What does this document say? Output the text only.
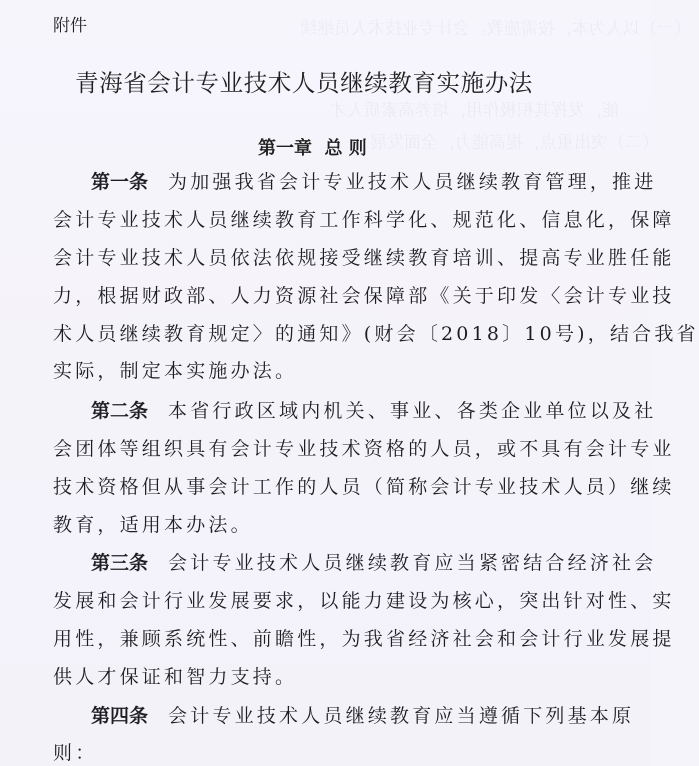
（一）以人为本，按需施教。会计专业技术人员继续
能，发挥其积极作用，培养高素质人才
（二）突出重点，提高能力，全面发展
附件
青海省会计专业技术人员继续教育实施办法
第一章  总 则
第一条 为加强我省会计专业技术人员继续教育管理，推进
会计专业技术人员继续教育工作科学化、规范化、信息化，保障
会计专业技术人员依法依规接受继续教育培训、提高专业胜任能
力，根据财政部、人力资源社会保障部《关于印发〈会计专业技
术人员继续教育规定〉的通知》(财会〔2018〕10号)，结合我省
实际，制定本实施办法。
第二条 本省行政区域内机关、事业、各类企业单位以及社
会团体等组织具有会计专业技术资格的人员，或不具有会计专业
技术资格但从事会计工作的人员（简称会计专业技术人员）继续
教育，适用本办法。
第三条 会计专业技术人员继续教育应当紧密结合经济社会
发展和会计行业发展要求，以能力建设为核心，突出针对性、实
用性，兼顾系统性、前瞻性，为我省经济社会和会计行业发展提
供人才保证和智力支持。
第四条 会计专业技术人员继续教育应当遵循下列基本原
则：
